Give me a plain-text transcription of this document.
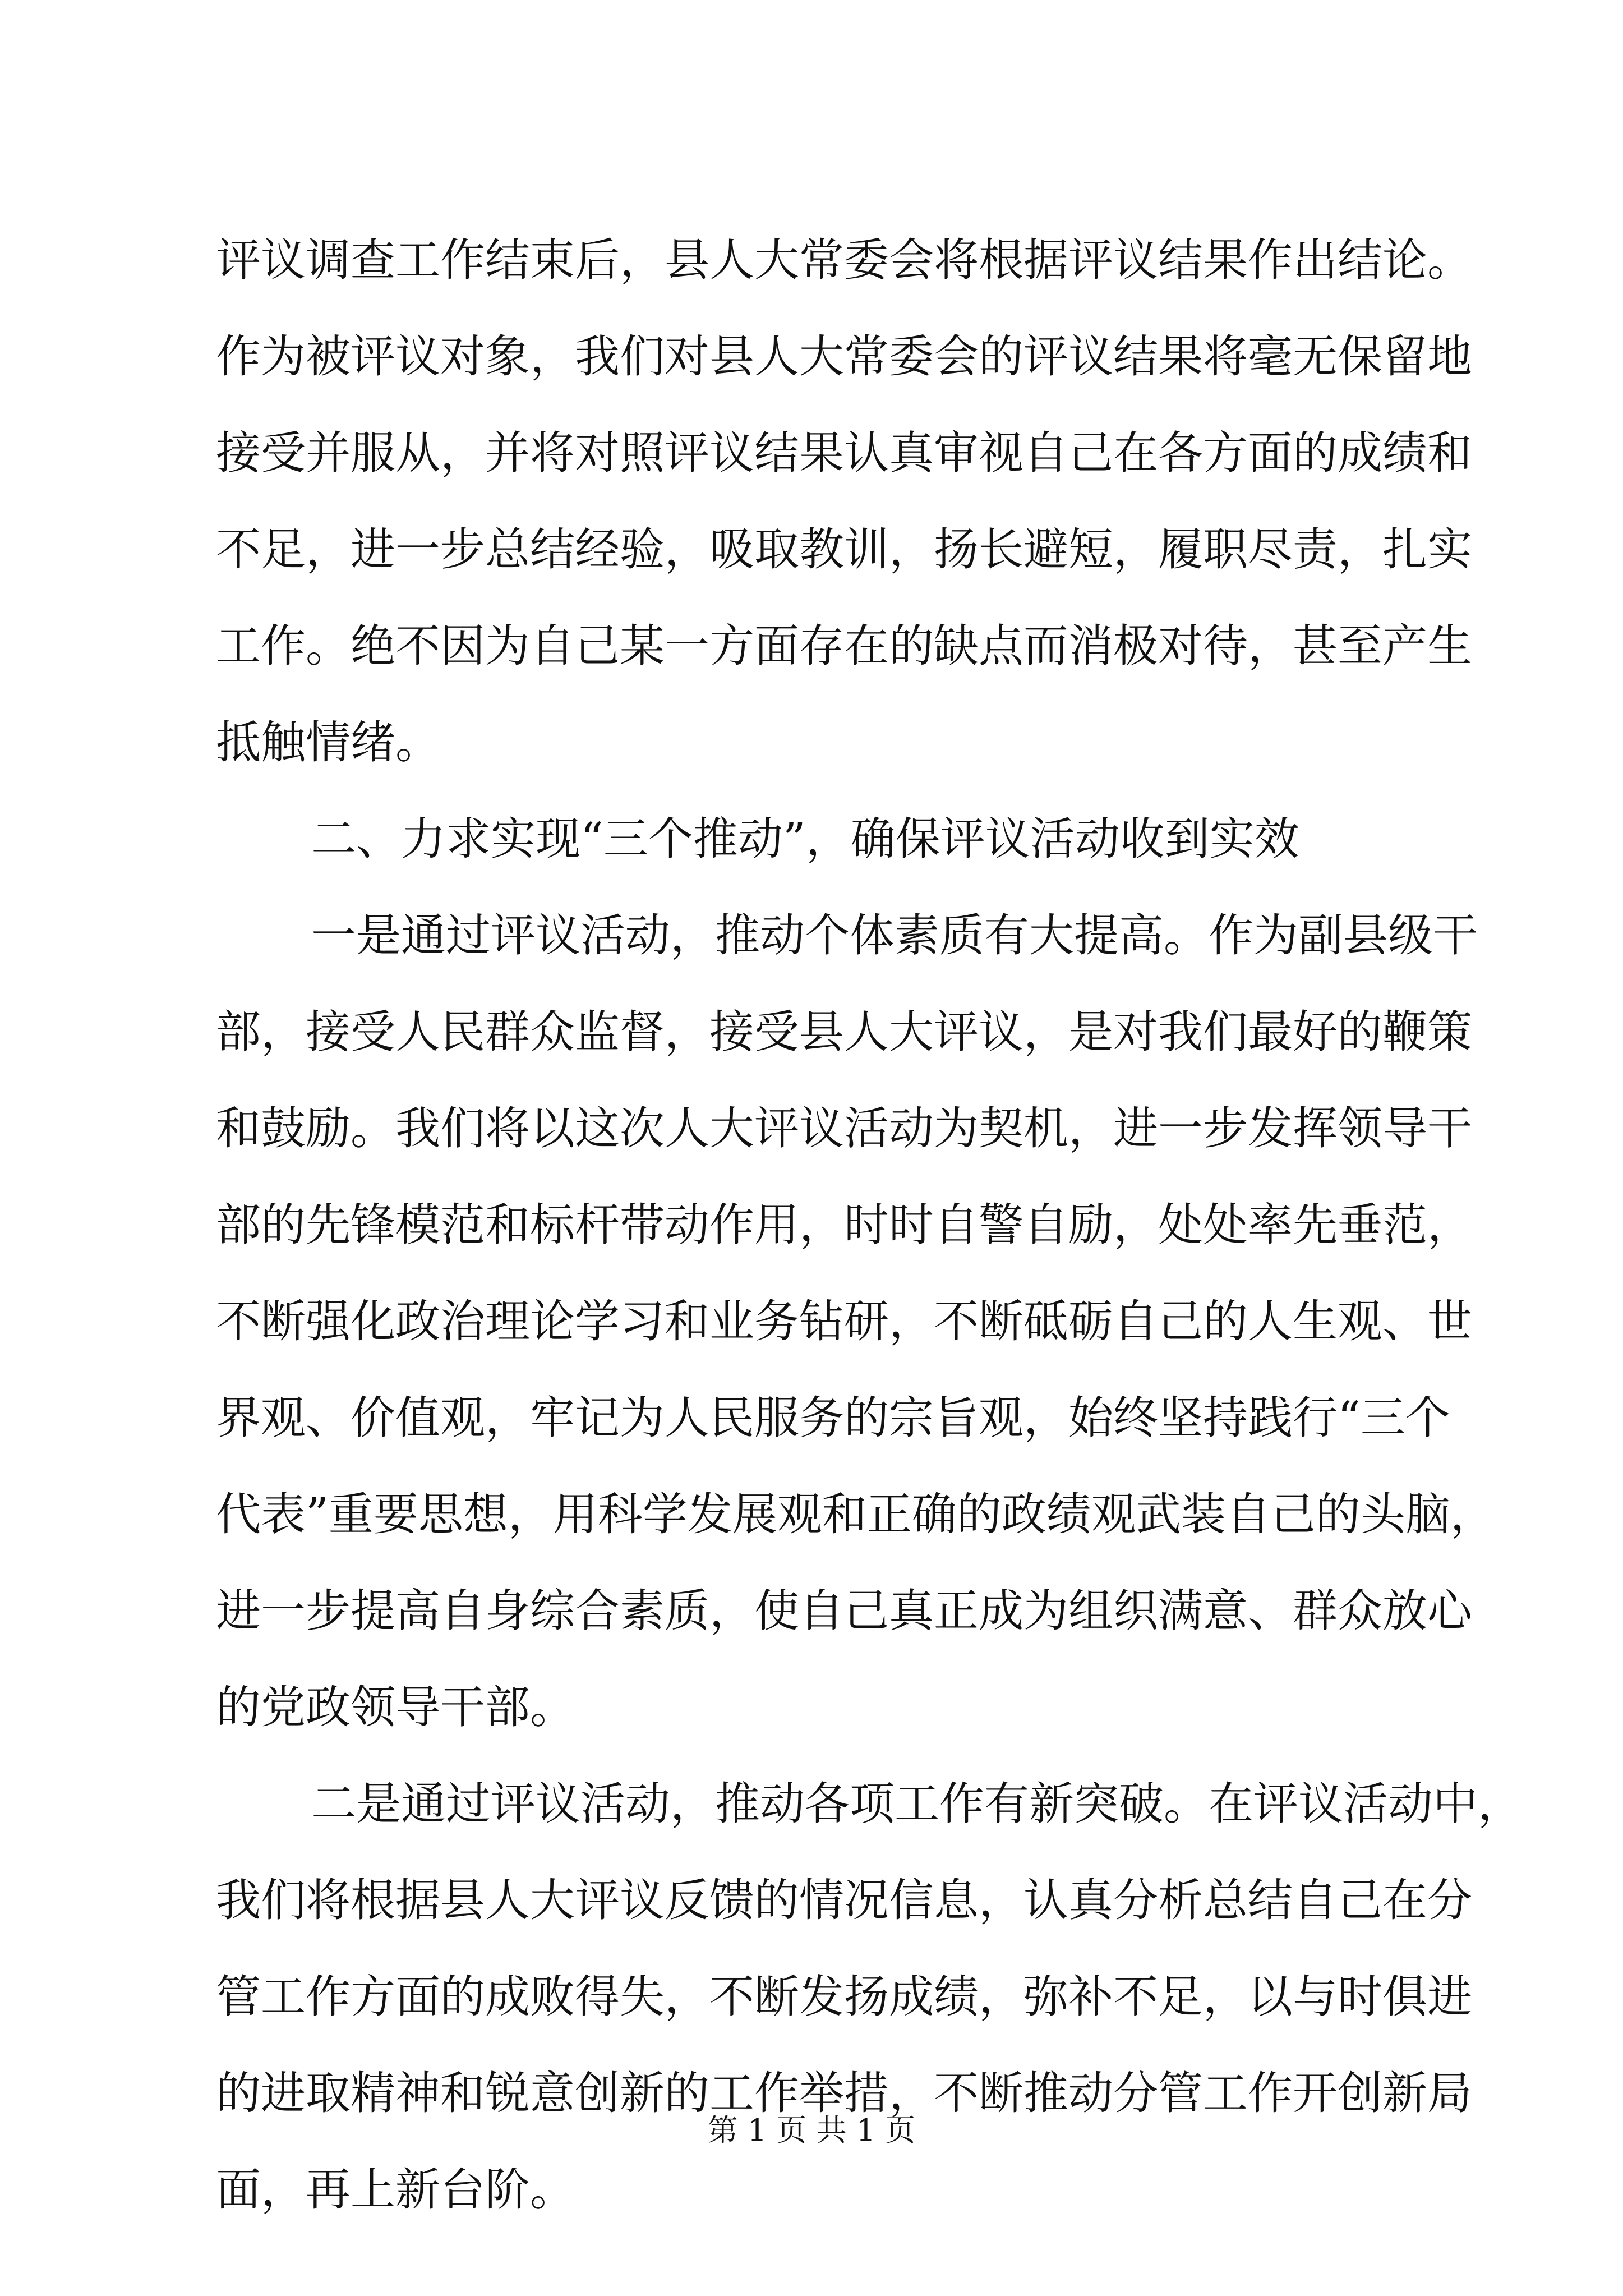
评议调查工作结束后，县人大常委会将根据评议结果作出结论。
作为被评议对象，我们对县人大常委会的评议结果将毫无保留地
接受并服从，并将对照评议结果认真审视自己在各方面的成绩和
不足，进一步总结经验，吸取教训，扬长避短，履职尽责，扎实
工作。绝不因为自己某一方面存在的缺点而消极对待，甚至产生
抵触情绪。
二、力求实现“三个推动”，确保评议活动收到实效
一是通过评议活动，推动个体素质有大提高。作为副县级干
部，接受人民群众监督，接受县人大评议，是对我们最好的鞭策
和鼓励。我们将以这次人大评议活动为契机，进一步发挥领导干
部的先锋模范和标杆带动作用，时时自警自励，处处率先垂范，
不断强化政治理论学习和业务钻研，不断砥砺自己的人生观、世
界观、价值观，牢记为人民服务的宗旨观，始终坚持践行“三个
代表”重要思想，用科学发展观和正确的政绩观武装自己的头脑，
进一步提高自身综合素质，使自己真正成为组织满意、群众放心
的党政领导干部。
二是通过评议活动，推动各项工作有新突破。在评议活动中，
我们将根据县人大评议反馈的情况信息，认真分析总结自己在分
管工作方面的成败得失，不断发扬成绩，弥补不足，以与时俱进
的进取精神和锐意创新的工作举措，不断推动分管工作开创新局
面，再上新台阶。
第 1 页 共 1 页
